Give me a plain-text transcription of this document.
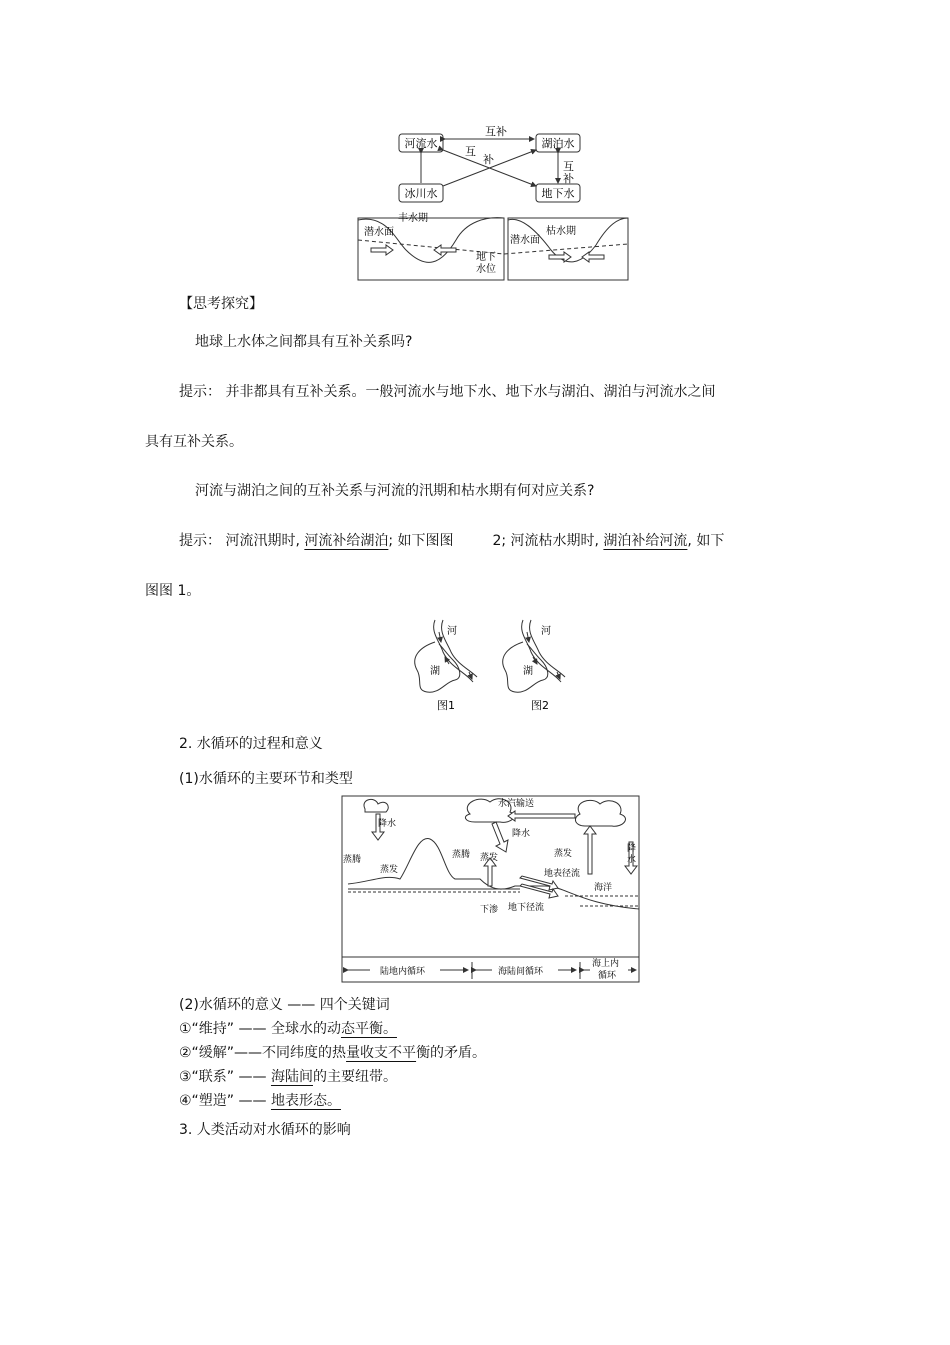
河流水	湖泊水
冰川水	地下水
互补
互
补
互
补
潜水面
丰水期
潜水面
枯水期
地下
水位
【思考探究】
地球上水体之间都具有互补关系吗?
提示： 并非都具有互补关系。一般河流水与地下水、地下水与湖泊、湖泊与河流水之间
具有互补关系。
河流与湖泊之间的互补关系与河流的汛期和枯水期有何对应关系?
提示： 河流汛期时, 河流补给湖泊; 如下图图	2; 河流枯水期时, 湖泊补给河流, 如下
图图 1。
河
湖
图1
河
湖
图2
2. 水循环的过程和意义
(1)水循环的主要环节和类型
降水
水汽输送
降水
降
水
蒸腾
蒸发
蒸腾 蒸发	蒸发
地表径流
海洋
下渗 地下径流
陆地内循环	海陆间循环
海上内
循环
(2)水循环的意义 —— 四个关键词
①“维持” —— 全球水的动态平衡。
②“缓解”——不同纬度的热量收支不平衡的矛盾。
③“联系” —— 海陆间的主要纽带。
④“塑造” —— 地表形态。
3. 人类活动对水循环的影响
